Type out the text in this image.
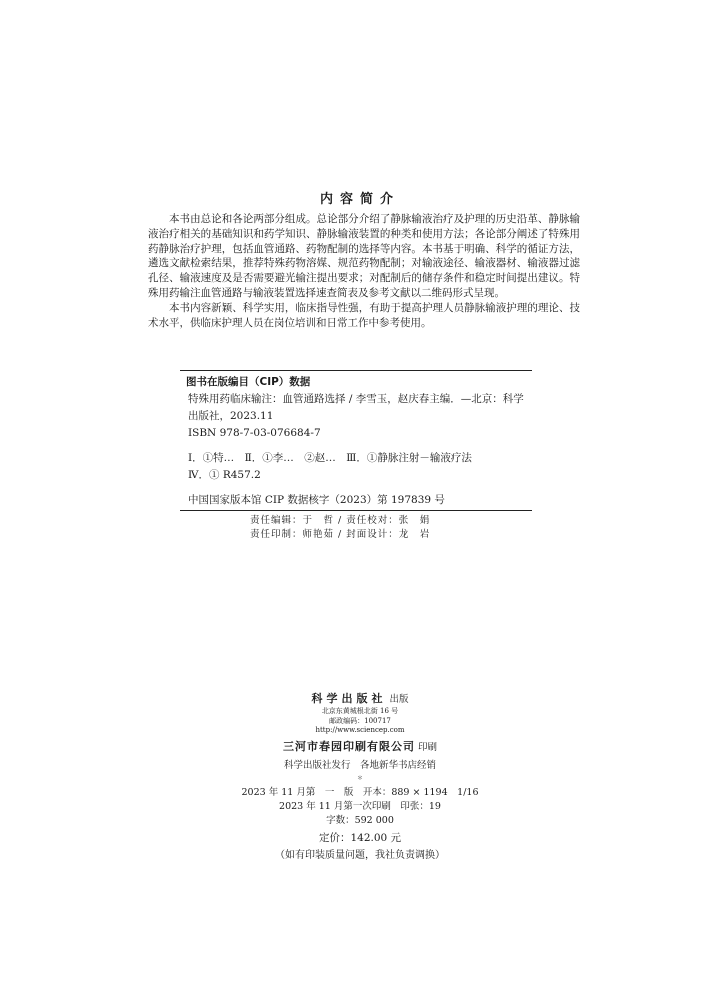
内容简介

本书由总论和各论两部分组成。总论部分介绍了静脉输液治疗及护理的历史沿革、静脉输液治疗相关的基础知识和药学知识、静脉输液装置的种类和使用方法；各论部分阐述了特殊用药静脉治疗护理，包括血管通路、药物配制的选择等内容。本书基于明确、科学的循证方法，遴选文献检索结果，推荐特殊药物溶媒、规范药物配制；对输液途径、输液器材、输液器过滤孔径、输液速度及是否需要避光输注提出要求；对配制后的储存条件和稳定时间提出建议。特殊用药输注血管通路与输液装置选择速查简表及参考文献以二维码形式呈现。

本书内容新颖、科学实用，临床指导性强，有助于提高护理人员静脉输液护理的理论、技术水平，供临床护理人员在岗位培训和日常工作中参考使用。

图书在版编目（CIP）数据
特殊用药临床输注：血管通路选择 / 李雪玉，赵庆春主编．—北京：科学
出版社，2023.11
ISBN 978-7-03-076684-7
Ⅰ．①特…　Ⅱ．①李…　②赵…　Ⅲ．①静脉注射－输液疗法
Ⅳ．① R457.2
中国国家版本馆 CIP 数据核字（2023）第 197839 号
责任编辑：于　哲 / 责任校对：张　娟
责任印制：师艳茹 / 封面设计：龙　岩
科学出版社 出版
北京东黄城根北街 16 号
邮政编码：100717
http://www.sciencep.com
三河市春园印刷有限公司 印刷
科学出版社发行　各地新华书店经销
＊
2023 年 11 月第　一　版　开本：889 × 1194　1/16
2023 年 11 月第一次印刷　印张：19
字数：592 000
定价：142.00 元
（如有印装质量问题，我社负责调换）
